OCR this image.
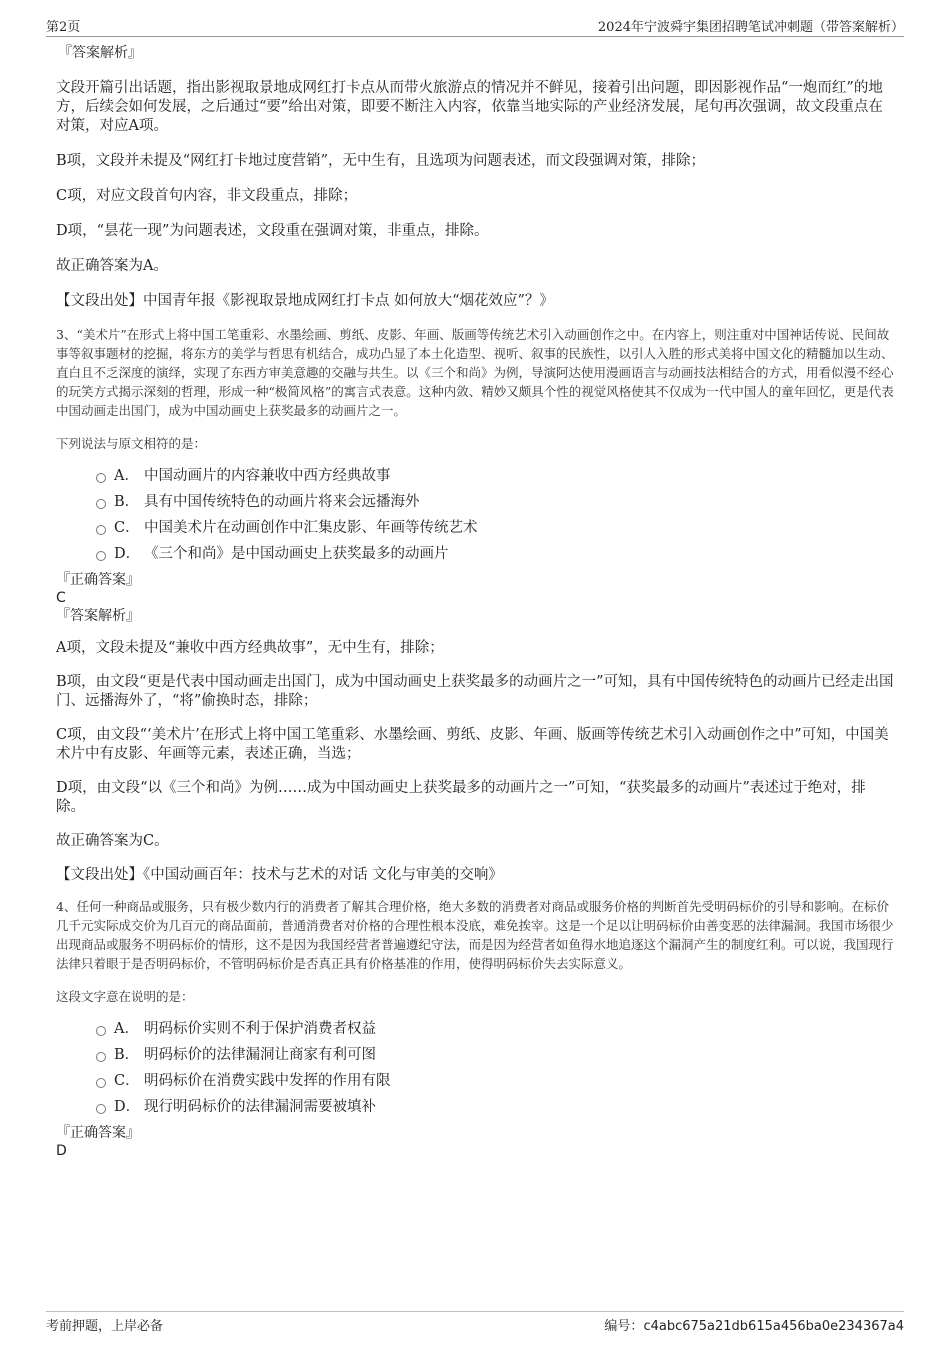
第2页	2024年宁波舜宇集团招聘笔试冲刺题（带答案解析）
『答案解析』

文段开篇引出话题，指出影视取景地成网红打卡点从而带火旅游点的情况并不鲜见，接着引出问题，即因影视作品“一炮而红”的地方，后续会如何发展，之后通过“要”给出对策，即要不断注入内容，依靠当地实际的产业经济发展，尾句再次强调，故文段重点在对策，对应A项。

B项，文段并未提及“网红打卡地过度营销”，无中生有，且选项为问题表述，而文段强调对策，排除；

C项，对应文段首句内容，非文段重点，排除；

D项，“昙花一现”为问题表述，文段重在强调对策，非重点，排除。

故正确答案为A。

【文段出处】中国青年报《影视取景地成网红打卡点 如何放大“烟花效应”？》

3、“美术片”在形式上将中国工笔重彩、水墨绘画、剪纸、皮影、年画、版画等传统艺术引入动画创作之中。在内容上，则注重对中国神话传说、民间故事等叙事题材的挖掘，将东方的美学与哲思有机结合，成功凸显了本土化造型、视听、叙事的民族性，以引人入胜的形式美将中国文化的精髓加以生动、直白且不乏深度的演绎，实现了东西方审美意趣的交融与共生。以《三个和尚》为例，导演阿达使用漫画语言与动画技法相结合的方式，用看似漫不经心的玩笑方式揭示深刻的哲理，形成一种“极简风格”的寓言式表意。这种内敛、精妙又颇具个性的视觉风格使其不仅成为一代中国人的童年回忆，更是代表中国动画走出国门，成为中国动画史上获奖最多的动画片之一。

下列说法与原文相符的是：

A． 中国动画片的内容兼收中西方经典故事
B． 具有中国传统特色的动画片将来会远播海外
C． 中国美术片在动画创作中汇集皮影、年画等传统艺术
D． 《三个和尚》是中国动画史上获奖最多的动画片
『正确答案』
C
『答案解析』

A项，文段未提及“兼收中西方经典故事”，无中生有，排除；

B项，由文段“更是代表中国动画走出国门，成为中国动画史上获奖最多的动画片之一”可知，具有中国传统特色的动画片已经走出国门、远播海外了，“将”偷换时态，排除；

C项，由文段“‘美术片’在形式上将中国工笔重彩、水墨绘画、剪纸、皮影、年画、版画等传统艺术引入动画创作之中”可知，中国美术片中有皮影、年画等元素，表述正确，当选；

D项，由文段“以《三个和尚》为例……成为中国动画史上获奖最多的动画片之一”可知，“获奖最多的动画片”表述过于绝对，排除。

故正确答案为C。

【文段出处】《中国动画百年：技术与艺术的对话 文化与审美的交响》

4、任何一种商品或服务，只有极少数内行的消费者了解其合理价格，绝大多数的消费者对商品或服务价格的判断首先受明码标价的引导和影响。在标价几千元实际成交价为几百元的商品面前，普通消费者对价格的合理性根本没底，难免挨宰。这是一个足以让明码标价由善变恶的法律漏洞。我国市场很少出现商品或服务不明码标价的情形，这不是因为我国经营者普遍遵纪守法，而是因为经营者如鱼得水地追逐这个漏洞产生的制度红利。可以说，我国现行法律只着眼于是否明码标价，不管明码标价是否真正具有价格基准的作用，使得明码标价失去实际意义。

这段文字意在说明的是：

A． 明码标价实则不利于保护消费者权益
B． 明码标价的法律漏洞让商家有利可图
C． 明码标价在消费实践中发挥的作用有限
D． 现行明码标价的法律漏洞需要被填补
『正确答案』
D
考前押题，上岸必备	编号：c4abc675a21db615a456ba0e234367a4
